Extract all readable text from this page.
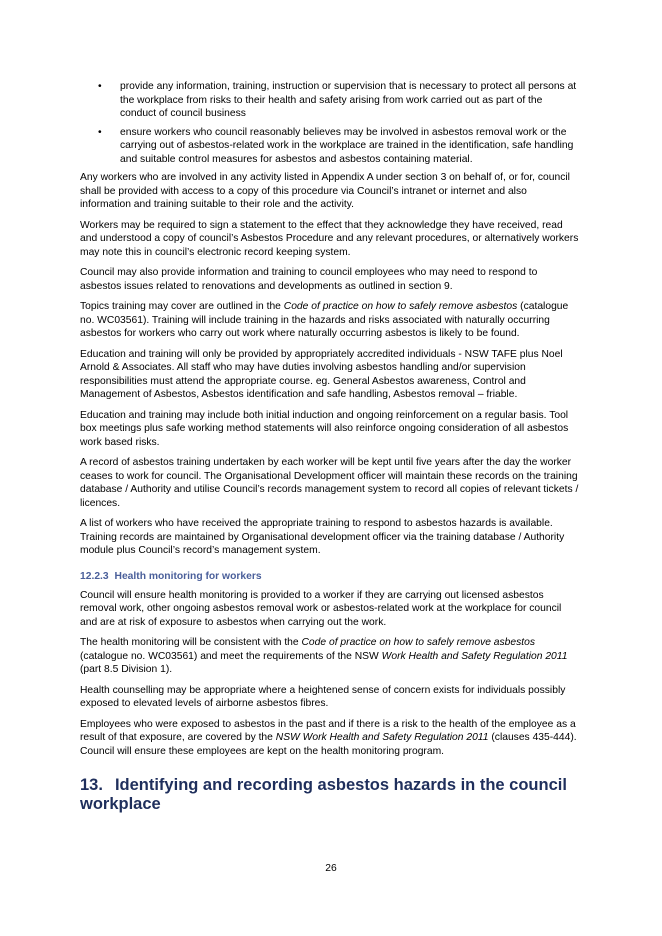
• provide any information, training, instruction or supervision that is necessary to protect all persons at the workplace from risks to their health and safety arising from work carried out as part of the conduct of council business
• ensure workers who council reasonably believes may be involved in asbestos removal work or the carrying out of asbestos-related work in the workplace are trained in the identification, safe handling and suitable control measures for asbestos and asbestos containing material.

Any workers who are involved in any activity listed in Appendix A under section 3 on behalf of, or for, council shall be provided with access to a copy of this procedure via Council’s intranet or internet and also information and training suitable to their role and the activity.

Workers may be required to sign a statement to the effect that they acknowledge they have received, read and understood a copy of council’s Asbestos Procedure and any relevant procedures, or alternatively workers may note this in council’s electronic record keeping system.

Council may also provide information and training to council employees who may need to respond to asbestos issues related to renovations and developments as outlined in section 9.

Topics training may cover are outlined in the Code of practice on how to safely remove asbestos (catalogue no. WC03561). Training will include training in the hazards and risks associated with naturally occurring asbestos for workers who carry out work where naturally occurring asbestos is likely to be found.

Education and training will only be provided by appropriately accredited individuals - NSW TAFE plus Noel Arnold & Associates. All staff who may have duties involving asbestos handling and/or supervision responsibilities must attend the appropriate course. eg. General Asbestos awareness, Control and Management of Asbestos, Asbestos identification and safe handling, Asbestos removal – friable.

Education and training may include both initial induction and ongoing reinforcement on a regular basis. Tool box meetings plus safe working method statements will also reinforce ongoing consideration of all asbestos work based risks.

A record of asbestos training undertaken by each worker will be kept until five years after the day the worker ceases to work for council. The Organisational Development officer will maintain these records on the training database / Authority and utilise Council’s records management system to record all copies of relevant tickets / licences.

A list of workers who have received the appropriate training to respond to asbestos hazards is available. Training records are maintained by Organisational development officer via the training database / Authority module plus Council’s record’s management system.

12.2.3 Health monitoring for workers

Council will ensure health monitoring is provided to a worker if they are carrying out licensed asbestos removal work, other ongoing asbestos removal work or asbestos-related work at the workplace for council and are at risk of exposure to asbestos when carrying out the work.

The health monitoring will be consistent with the Code of practice on how to safely remove asbestos (catalogue no. WC03561) and meet the requirements of the NSW Work Health and Safety Regulation 2011 (part 8.5 Division 1).

Health counselling may be appropriate where a heightened sense of concern exists for individuals possibly exposed to elevated levels of airborne asbestos fibres.

Employees who were exposed to asbestos in the past and if there is a risk to the health of the employee as a result of that exposure, are covered by the NSW Work Health and Safety Regulation 2011 (clauses 435-444). Council will ensure these employees are kept on the health monitoring program.

13. Identifying and recording asbestos hazards in the council workplace
26
